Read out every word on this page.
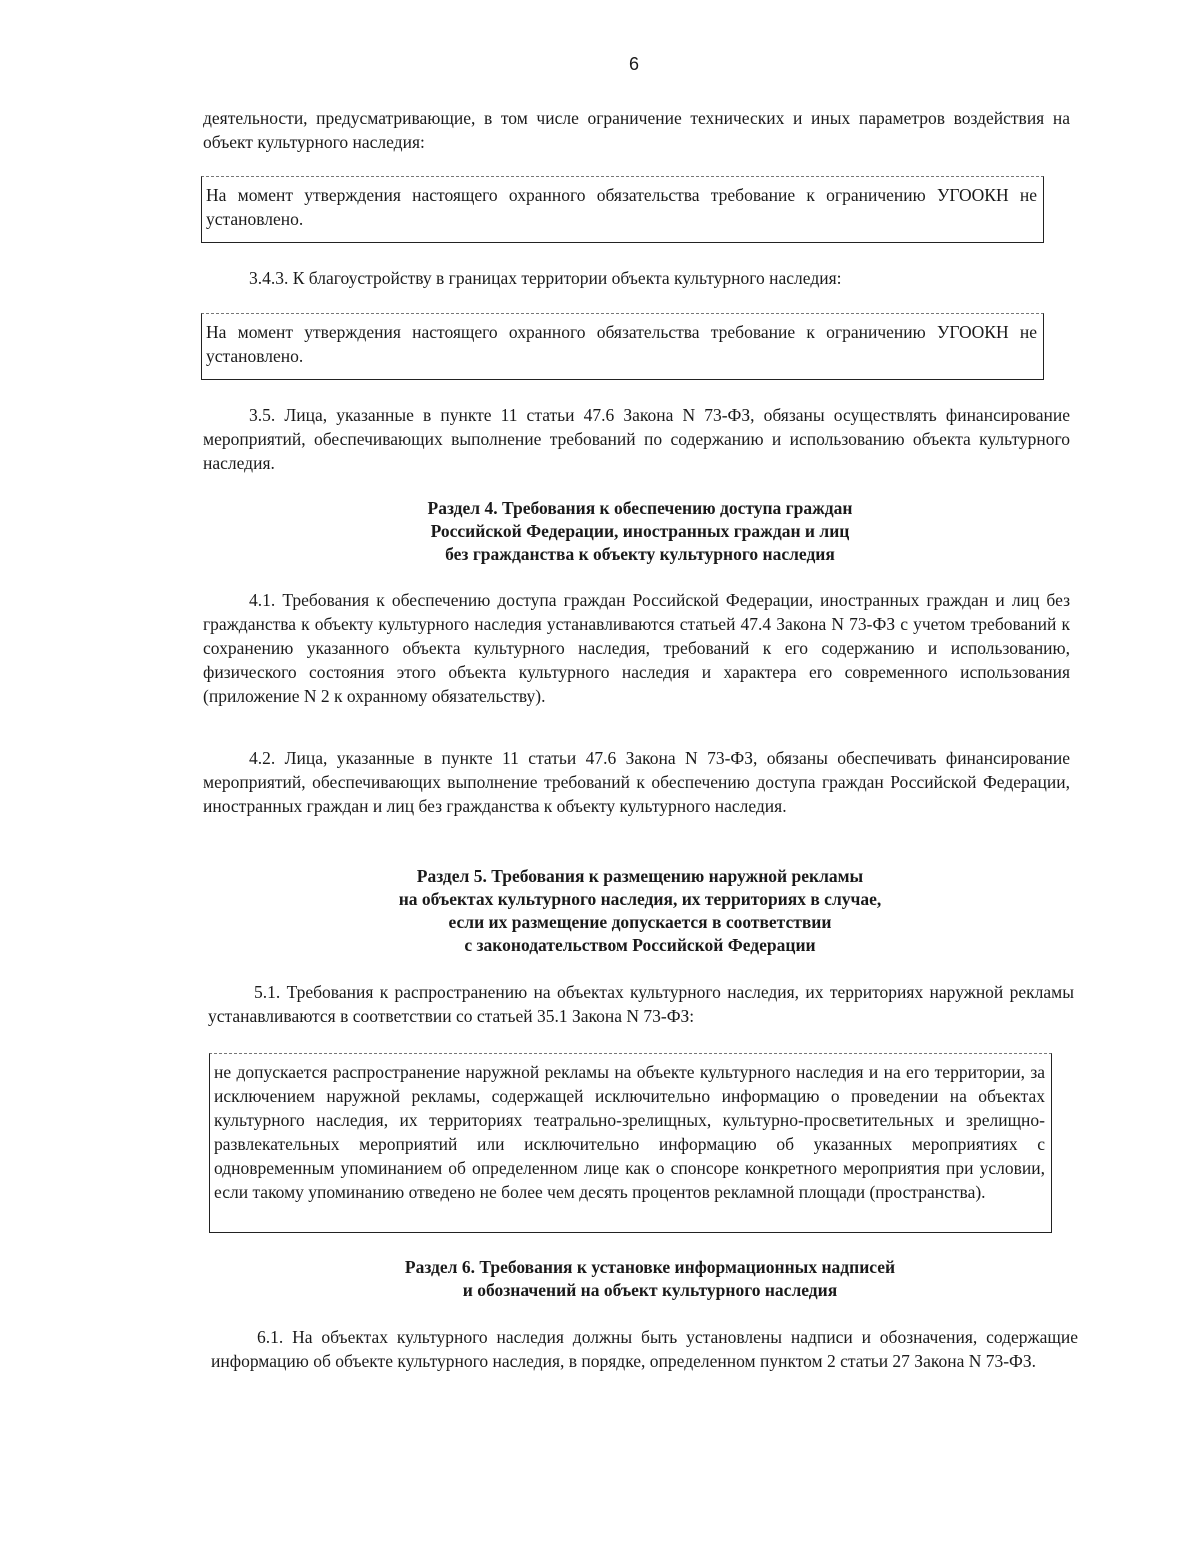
6

деятельности, предусматривающие, в том числе ограничение технических и иных параметров воздействия на объект культурного наследия:

На момент утверждения настоящего охранного обязательства требование к ограничению УГООКН не установлено.

3.4.3. К благоустройству в границах территории объекта культурного наследия:

На момент утверждения настоящего охранного обязательства требование к ограничению УГООКН не установлено.

3.5. Лица, указанные в пункте 11 статьи 47.6 Закона N 73-ФЗ, обязаны осуществлять финансирование мероприятий, обеспечивающих выполнение требований по содержанию и использованию объекта культурного наследия.

Раздел 4. Требования к обеспечению доступа граждан
Российской Федерации, иностранных граждан и лиц
без гражданства к объекту культурного наследия

4.1. Требования к обеспечению доступа граждан Российской Федерации, иностранных граждан и лиц без гражданства к объекту культурного наследия устанавливаются статьей 47.4 Закона N 73-ФЗ с учетом требований к сохранению указанного объекта культурного наследия, требований к его содержанию и использованию, физического состояния этого объекта культурного наследия и характера его современного использования (приложение N 2 к охранному обязательству).

4.2. Лица, указанные в пункте 11 статьи 47.6 Закона N 73-ФЗ, обязаны обеспечивать финансирование мероприятий, обеспечивающих выполнение требований к обеспечению доступа граждан Российской Федерации, иностранных граждан и лиц без гражданства к объекту культурного наследия.

Раздел 5. Требования к размещению наружной рекламы
на объектах культурного наследия, их территориях в случае,
если их размещение допускается в соответствии
с законодательством Российской Федерации

5.1. Требования к распространению на объектах культурного наследия, их территориях наружной рекламы устанавливаются в соответствии со статьей 35.1 Закона N 73-ФЗ:

не допускается распространение наружной рекламы на объекте культурного наследия и на его территории, за исключением наружной рекламы, содержащей исключительно информацию о проведении на объектах культурного наследия, их территориях театрально-зрелищных, культурно-просветительных и зрелищно-развлекательных мероприятий или исключительно информацию об указанных мероприятиях с одновременным упоминанием об определенном лице как о спонсоре конкретного мероприятия при условии, если такому упоминанию отведено не более чем десять процентов рекламной площади (пространства).

Раздел 6. Требования к установке информационных надписей
и обозначений на объект культурного наследия

6.1. На объектах культурного наследия должны быть установлены надписи и обозначения, содержащие информацию об объекте культурного наследия, в порядке, определенном пунктом 2 статьи 27 Закона N 73-ФЗ.
